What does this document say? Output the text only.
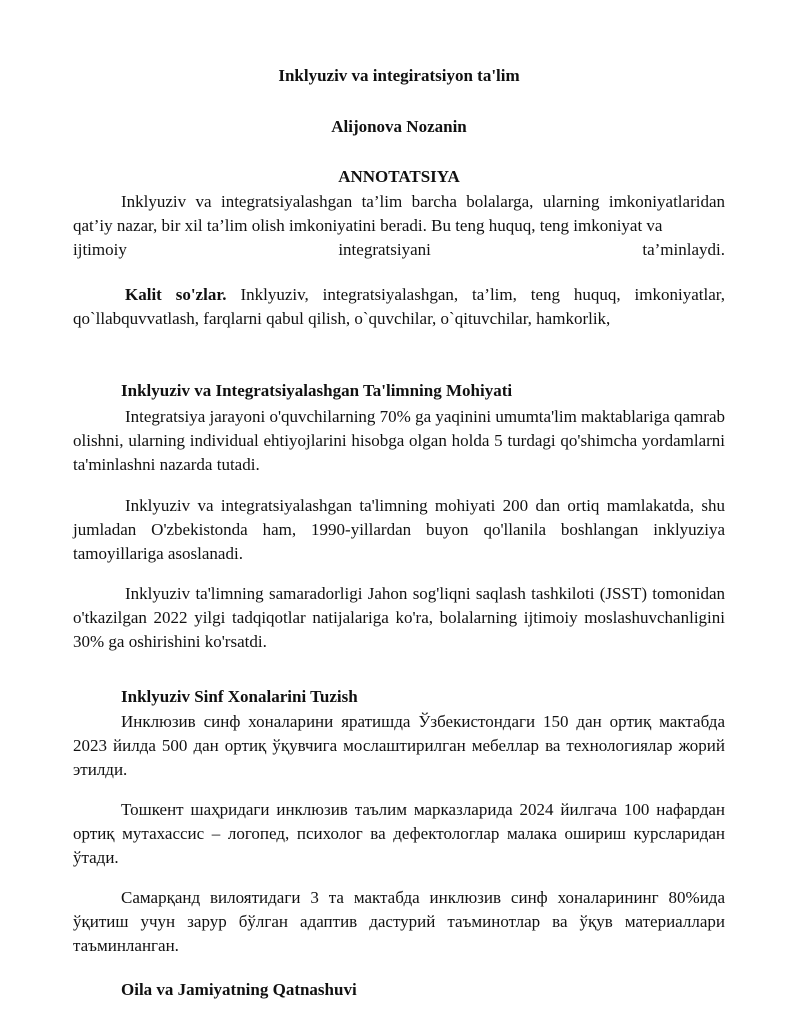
Inklyuziv va integiratsiyon ta'lim

Alijonova Nozanin

ANNOTATSIYA

Inklyuziv va integratsiyalashgan ta’lim barcha bolalarga, ularning imkoniyatlaridan qat’iy nazar, bir xil ta’lim olish imkoniyatini beradi. Bu teng huquq, teng imkoniyat va

ijtimoiy integratsiyani ta’minlaydi.

Kalit so'zlar. Inklyuziv, integratsiyalashgan, ta’lim, teng huquq, imkoniyatlar, qo`llabquvvatlash, farqlarni qabul qilish, o`quvchilar, o`qituvchilar, hamkorlik,

Inklyuziv va Integratsiyalashgan Ta'limning Mohiyati

Integratsiya jarayoni o'quvchilarning 70% ga yaqinini umumta'lim maktablariga qamrab olishni, ularning individual ehtiyojlarini hisobga olgan holda 5 turdagi qo'shimcha yordamlarni ta'minlashni nazarda tutadi.

Inklyuziv va integratsiyalashgan ta'limning mohiyati 200 dan ortiq mamlakatda, shu jumladan O'zbekistonda ham, 1990-yillardan buyon qo'llanila boshlangan inklyuziya tamoyillariga asoslanadi.

Inklyuziv ta'limning samaradorligi Jahon sog'liqni saqlash tashkiloti (JSST) tomonidan o'tkazilgan 2022 yilgi tadqiqotlar natijalariga ko'ra, bolalarning ijtimoiy moslashuvchanligini 30% ga oshirishini ko'rsatdi.

Inklyuziv Sinf Xonalarini Tuzish

Инклюзив синф хоналарини яратишда Ўзбекистондаги 150 дан ортиқ мактабда 2023 йилда 500 дан ортиқ ўқувчига мослаштирилган мебеллар ва технологиялар жорий этилди.

Тошкент шаҳридаги инклюзив таълим марказларида 2024 йилгача 100 нафардан ортиқ мутахассис – логопед, психолог ва дефектологлар малака ошириш курсларидан ўтади.

Самарқанд вилоятидаги 3 та мактабда инклюзив синф хоналарининг 80%ида ўқитиш учун зарур бўлган адаптив дастурий таъминотлар ва ўқув материаллари таъминланган.

Oila va Jamiyatning Qatnashuvi
